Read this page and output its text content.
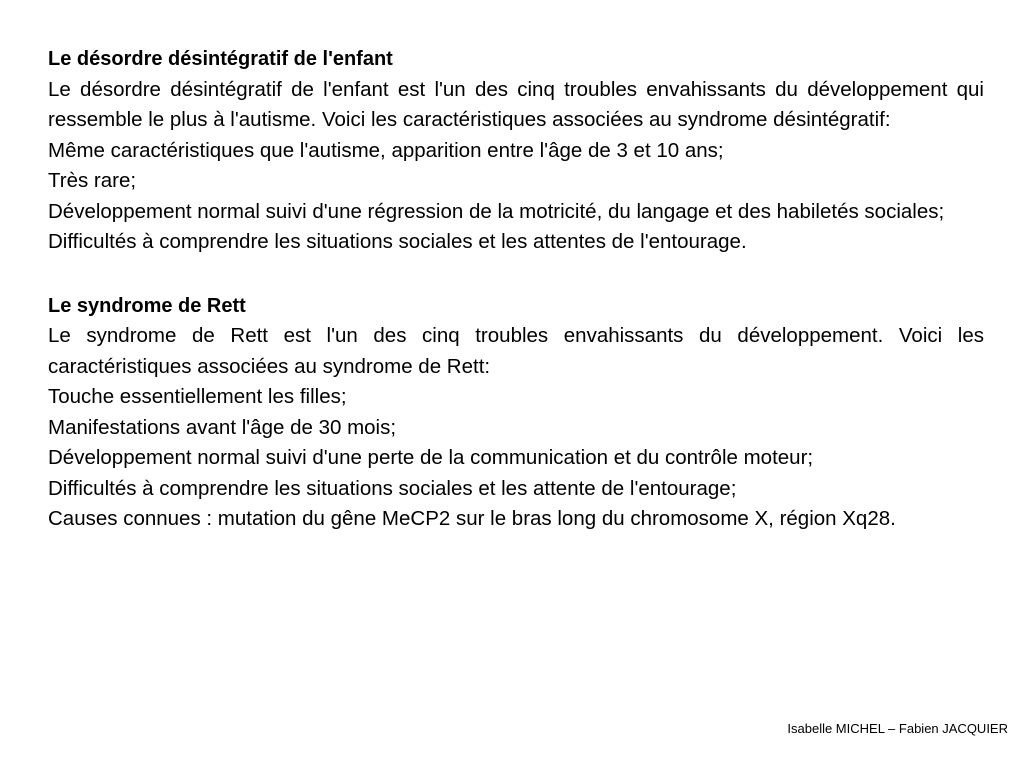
Le désordre désintégratif de l'enfant

Le désordre désintégratif de l'enfant est l'un des cinq troubles envahissants du développement qui ressemble le plus à l'autisme. Voici les caractéristiques associées au syndrome désintégratif:

Même caractéristiques que l'autisme, apparition entre l'âge de 3 et 10 ans;

Très rare;

Développement normal suivi d'une régression de la motricité, du langage et des habiletés sociales;

Difficultés à comprendre les situations sociales et les attentes de l'entourage.

Le syndrome de Rett

Le syndrome de Rett est l'un des cinq troubles envahissants du développement. Voici les caractéristiques associées au syndrome de Rett:

Touche essentiellement les filles;

Manifestations avant l'âge de 30 mois;

Développement normal suivi d'une perte de la communication et du contrôle moteur;

Difficultés à comprendre les situations sociales et les attente de l'entourage;

Causes connues : mutation du gêne MeCP2 sur le bras long du chromosome X, région Xq28.

Isabelle MICHEL – Fabien JACQUIER
